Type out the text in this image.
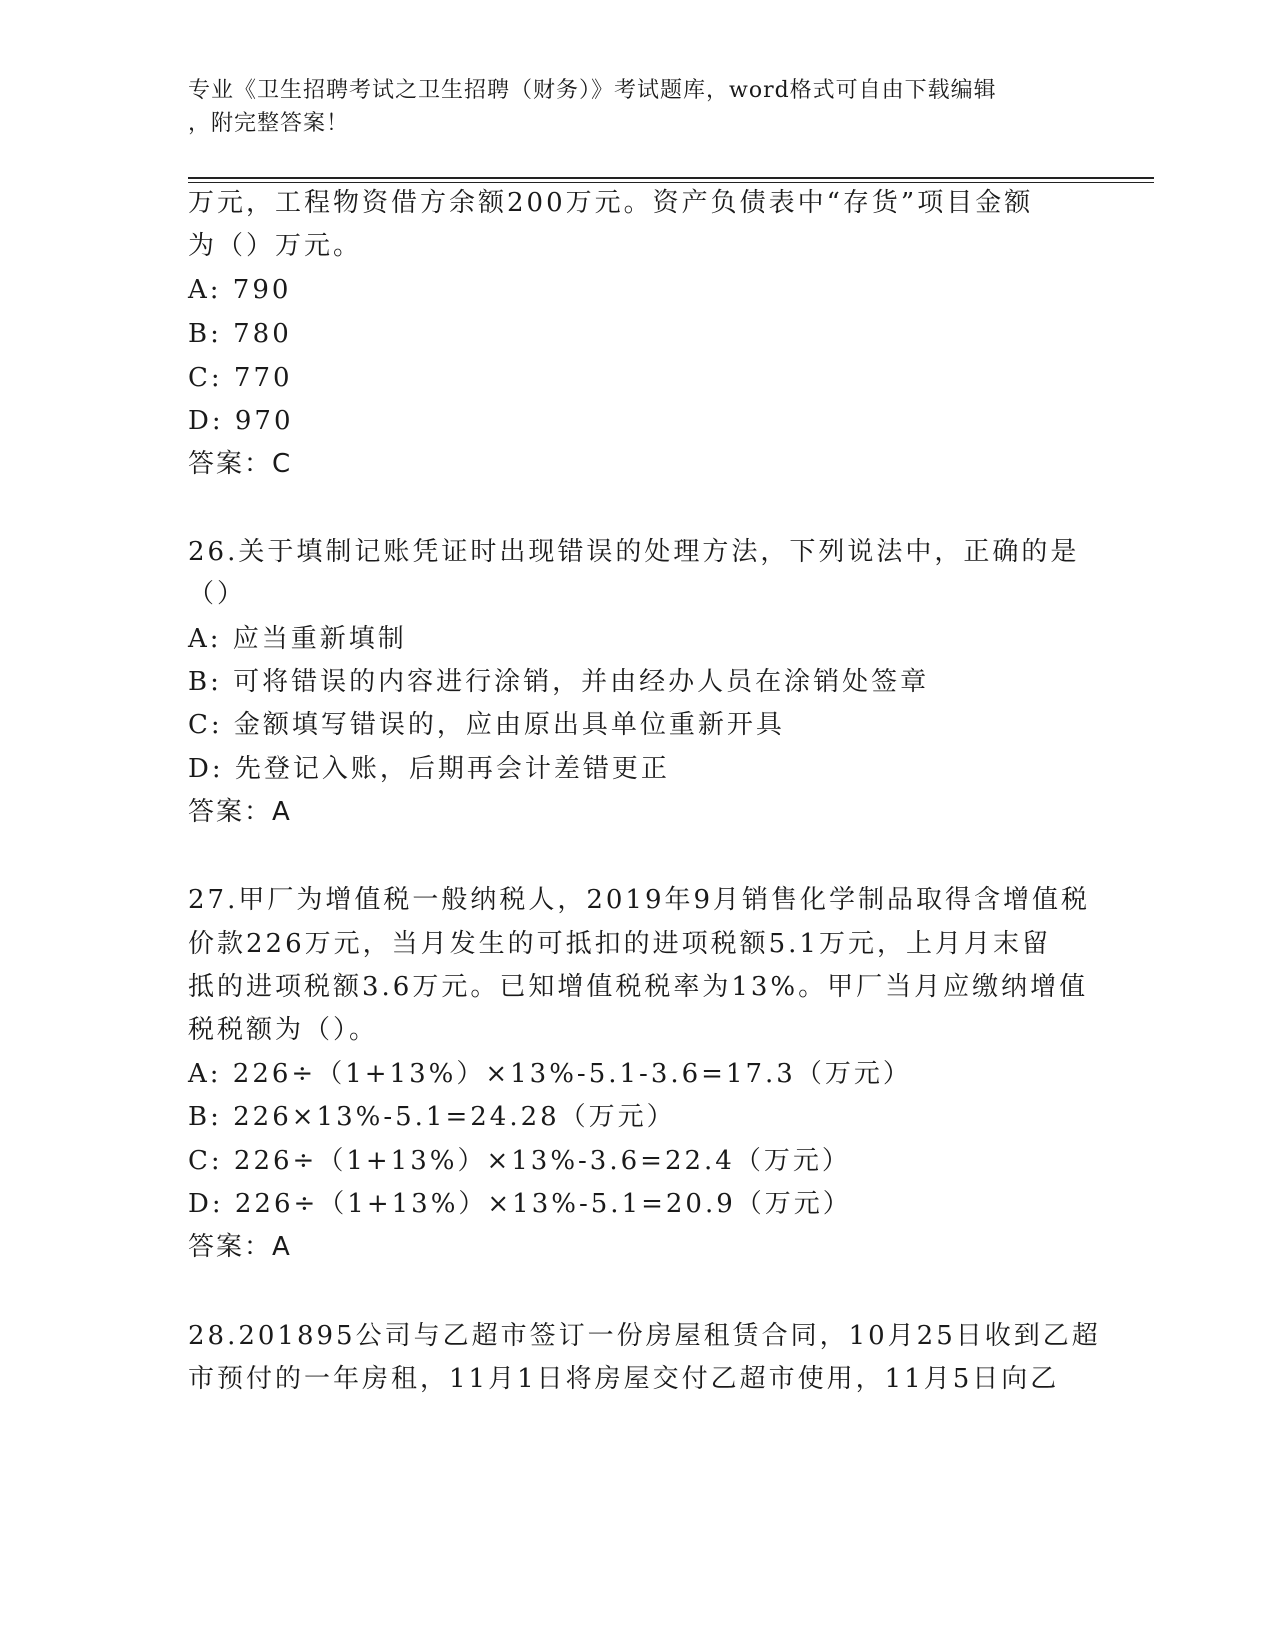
专业《卫生招聘考试之卫生招聘（财务）》考试题库，word格式可自由下载编辑
，附完整答案！
万元，工程物资借方余额200万元。资产负债表中“存货”项目金额
为（）万元。
A: 790
B: 780
C: 770
D: 970
答案：C
26.关于填制记账凭证时出现错误的处理方法，下列说法中，正确的是
（）
A: 应当重新填制
B: 可将错误的内容进行涂销，并由经办人员在涂销处签章
C: 金额填写错误的，应由原出具单位重新开具
D: 先登记入账，后期再会计差错更正
答案：A
27.甲厂为增值税一般纳税人，2019年9月销售化学制品取得含增值税
价款226万元，当月发生的可抵扣的进项税额5.1万元，上月月末留
抵的进项税额3.6万元。已知增值税税率为13%。甲厂当月应缴纳增值
税税额为（）。
A: 226÷（1+13%）×13%-5.1-3.6=17.3（万元）
B: 226×13%-5.1=24.28（万元）
C: 226÷（1+13%）×13%-3.6=22.4（万元）
D: 226÷（1+13%）×13%-5.1=20.9（万元）
答案：A
28.201895公司与乙超市签订一份房屋租赁合同，10月25日收到乙超
市预付的一年房租，11月1日将房屋交付乙超市使用，11月5日向乙
